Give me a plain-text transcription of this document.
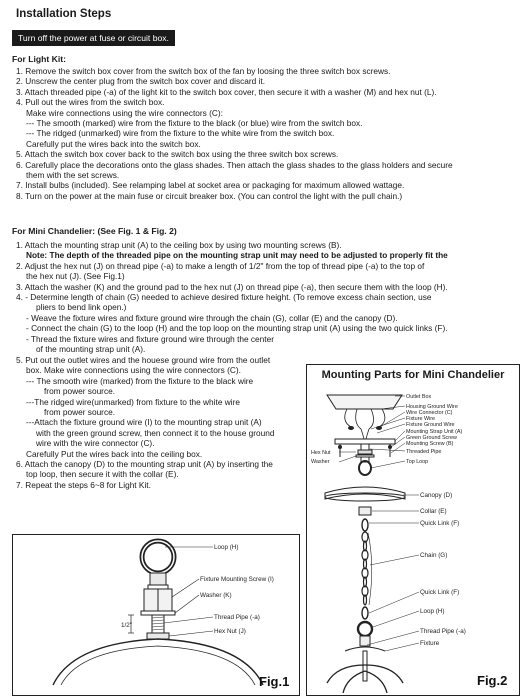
Installation Steps
Turn off the power at fuse or circuit box.
For Light Kit:
1. Remove the switch box cover from the switch box of the fan by loosing the three switch box screws.
2. Unscrew the center plug from the switch box cover and discard it.
3. Attach threaded pipe (-a) of the light kit to the switch box cover, then secure it with a washer (M) and hex nut (L).
4. Pull out the wires from the switch box.
Make wire connections using the wire connectors (C):
--- The smooth (marked) wire from the fixture to the black (or blue) wire from the switch box.
--- The ridged (unmarked) wire from the fixture to the white wire from the switch box.
Carefully put the wires back into the switch box.
5. Attach the switch box cover back to the switch box using the three switch box screws.
6. Carefully place the decorations onto the glass shades. Then attach the glass shades to the glass holders and secure
them with the set screws.
7. Install bulbs (included). See relamping label at socket area or packaging for maximum allowed wattage.
8. Turn on the power at the main fuse or circuit breaker box. (You can control the light with the pull chain.)
For Mini Chandelier: (See Fig. 1 & Fig. 2)
1. Attach the mounting strap unit (A) to the ceiling box by using two mounting screws (B).
Note: The depth of the threaded pipe on the mounting strap unit may need to be adjusted to properly fit the
2. Adjust the hex nut (J) on thread pipe (-a) to make a length of 1/2" from the top of thread pipe (-a) to the top of
the hex nut (J). (See Fig.1)
3. Attach the washer (K) and the ground pad to the hex nut (J) on thread pipe (-a), then secure them with the loop (H).
4. - Determine length of chain (G) needed to achieve desired fixture height. (To remove excess chain section, use
pliers to bend link open.)
- Weave the fixture wires and fixture ground wire through the chain (G), collar (E) and the canopy (D).
- Connect the chain (G) to the loop (H) and the top loop on the mounting strap unit (A) using the two quick links (F).
- Thread the fixture wires and fixture ground wire through the center
of the mounting strap unit (A).
5. Put out the outlet wires and the houese ground wire from the outlet
box. Make wire connections using the wire connectors (C).
--- The smooth wire (marked) from the fixture to the black wire
from power source.
---The ridged wire(unmarked) from fixture to the white wire
from power source.
---Attach the fixture ground wire (I) to the mounting strap unit (A)
with the green ground screw, then connect it to the house ground
wire with the wire connector (C).
Carefully Put the wires back into the ceiling box.
6. Attach the canopy (D) to the mounting strap unit (A) by inserting the
top loop, then secure it with the collar (E).
7. Repeat the steps 6~8 for Light Kit.
1/2"
Loop (H)
Fixture Mounting Screw (I)
Washer (K)
Thread Pipe (-a)
Hex Nut (J)
Fig.1
Mounting Parts for Mini Chandelier
Outlet Box
Housing Ground Wire
Wire Connector (C)
Fixture Wire
Fixture Ground Wire
Mounting Strap Unit (A)
Green Ground Screw
Mounting Screw (B)
Threaded Pipe
Top Loop
Hex Nut
Washer
Canopy (D)
Collar (E)
Quick Link (F)
Chain (G)
Quick Link (F)
Loop (H)
Thread Pipe (-a)
Fixture
Fig.2
